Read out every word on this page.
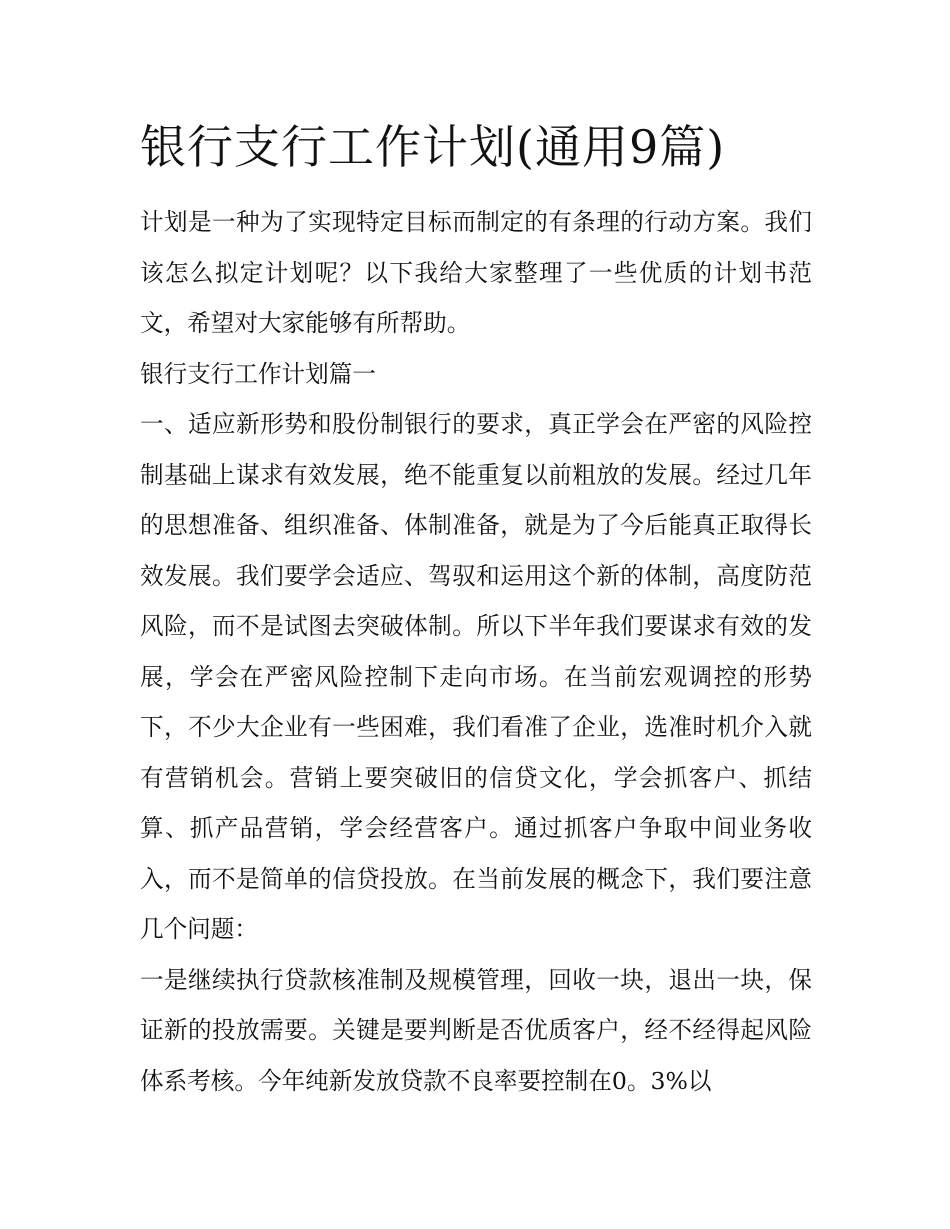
银行支行工作计划(通用9篇)

计划是一种为了实现特定目标而制定的有条理的行动方案。我们该怎么拟定计划呢？以下我给大家整理了一些优质的计划书范文，希望对大家能够有所帮助。

银行支行工作计划篇一

一、适应新形势和股份制银行的要求，真正学会在严密的风险控制基础上谋求有效发展，绝不能重复以前粗放的发展。经过几年的思想准备、组织准备、体制准备，就是为了今后能真正取得长效发展。我们要学会适应、驾驭和运用这个新的体制，高度防范风险，而不是试图去突破体制。所以下半年我们要谋求有效的发展，学会在严密风险控制下走向市场。在当前宏观调控的形势下，不少大企业有一些困难，我们看准了企业，选准时机介入就有营销机会。营销上要突破旧的信贷文化，学会抓客户、抓结算、抓产品营销，学会经营客户。通过抓客户争取中间业务收入，而不是简单的信贷投放。在当前发展的概念下，我们要注意几个问题：

一是继续执行贷款核准制及规模管理，回收一块，退出一块，保证新的投放需要。关键是要判断是否优质客户，经不经得起风险体系考核。今年纯新发放贷款不良率要控制在0。3%以
